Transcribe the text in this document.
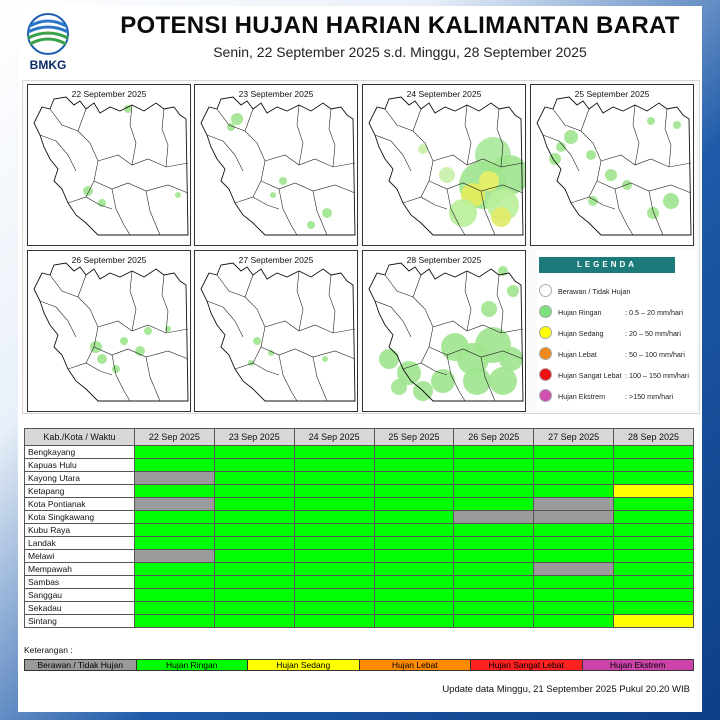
BMKG
POTENSI HUJAN HARIAN KALIMANTAN BARAT
Senin, 22 September 2025 s.d. Minggu, 28 September 2025
22 September 2025	23 September 2025	24 September 2025	25 September 2025
26 September 2025	27 September 2025	28 September 2025	LEGENDA
Berawan / Tidak Hujan
Hujan Ringan	: 0.5 – 20 mm/hari
Hujan Sedang	: 20 – 50 mm/hari
Hujan Lebat	: 50 – 100 mm/hari
Hujan Sangat Lebat : 100 – 150 mm/hari
Hujan Ekstrem	: >150 mm/hari
Kab./Kota / Waktu	22 Sep 2025	23 Sep 2025	24 Sep 2025	25 Sep 2025	26 Sep 2025	27 Sep 2025	28 Sep 2025
Bengkayang							
Kapuas Hulu							
Kayong Utara							
Ketapang							
Kota Pontianak							
Kota Singkawang							
Kubu Raya							
Landak							
Melawi							
Mempawah							
Sambas							
Sanggau							
Sekadau							
Sintang							
Keterangan :
Berawan / Tidak Hujan	Hujan Ringan	Hujan Sedang	Hujan Lebat	Hujan Sangat Lebat	Hujan Ekstrem
Update data Minggu, 21 September 2025 Pukul 20.20 WIB
